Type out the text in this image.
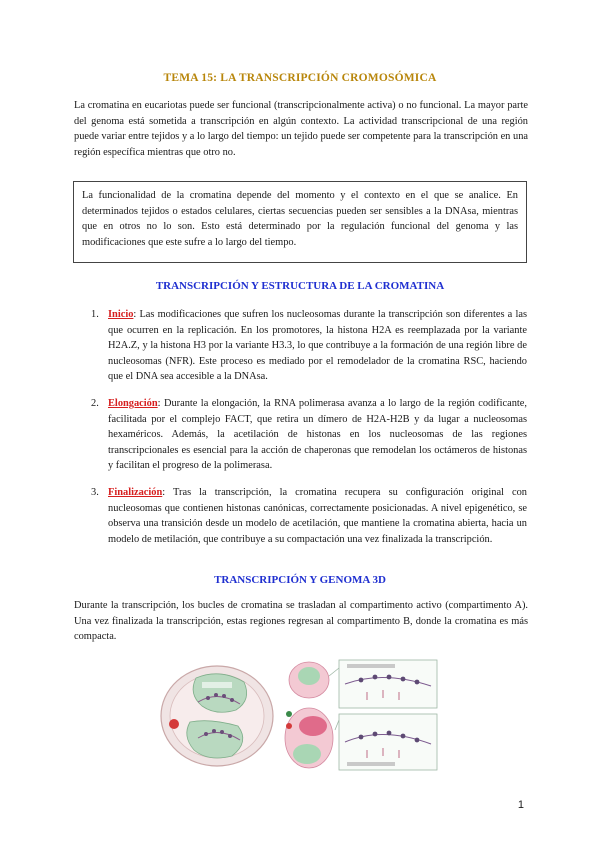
TEMA 15: LA TRANSCRIPCIÓN CROMOSÓMICA

La cromatina en eucariotas puede ser funcional (transcripcionalmente activa) o no funcional. La mayor parte del genoma está sometida a transcripción en algún contexto. La actividad transcripcional de una región puede variar entre tejidos y a lo largo del tiempo: un tejido puede ser competente para la transcripción en una región específica mientras que otro no.

La funcionalidad de la cromatina depende del momento y el contexto en el que se analice. En determinados tejidos o estados celulares, ciertas secuencias pueden ser sensibles a la DNAsa, mientras que en otros no lo son. Esto está determinado por la regulación funcional del genoma y las modificaciones que este sufre a lo largo del tiempo.

TRANSCRIPCIÓN Y ESTRUCTURA DE LA CROMATINA
1. Inicio: Las modificaciones que sufren los nucleosomas durante la transcripción son diferentes a las que ocurren en la replicación. En los promotores, la histona H2A es reemplazada por la variante H2A.Z, y la histona H3 por la variante H3.3, lo que contribuye a la formación de una región libre de nucleosomas (NFR). Este proceso es mediado por el remodelador de la cromatina RSC, haciendo que el DNA sea accesible a la DNAsa.
2. Elongación: Durante la elongación, la RNA polimerasa avanza a lo largo de la región codificante, facilitada por el complejo FACT, que retira un dímero de H2A-H2B y da lugar a nucleosomas hexaméricos. Además, la acetilación de histonas en los nucleosomas de las regiones transcripcionales es esencial para la acción de chaperonas que remodelan los octámeros de histonas y facilitan el progreso de la polimerasa.
3. Finalización: Tras la transcripción, la cromatina recupera su configuración original con nucleosomas que contienen histonas canónicas, correctamente posicionadas. A nivel epigenético, se observa una transición desde un modelo de acetilación, que mantiene la cromatina abierta, hacia un modelo de metilación, que contribuye a su compactación una vez finalizada la transcripción.
TRANSCRIPCIÓN Y GENOMA 3D

Durante la transcripción, los bucles de cromatina se trasladan al compartimento activo (compartimento A). Una vez finalizada la transcripción, estas regiones regresan al compartimento B, donde la cromatina es más compacta.

1
